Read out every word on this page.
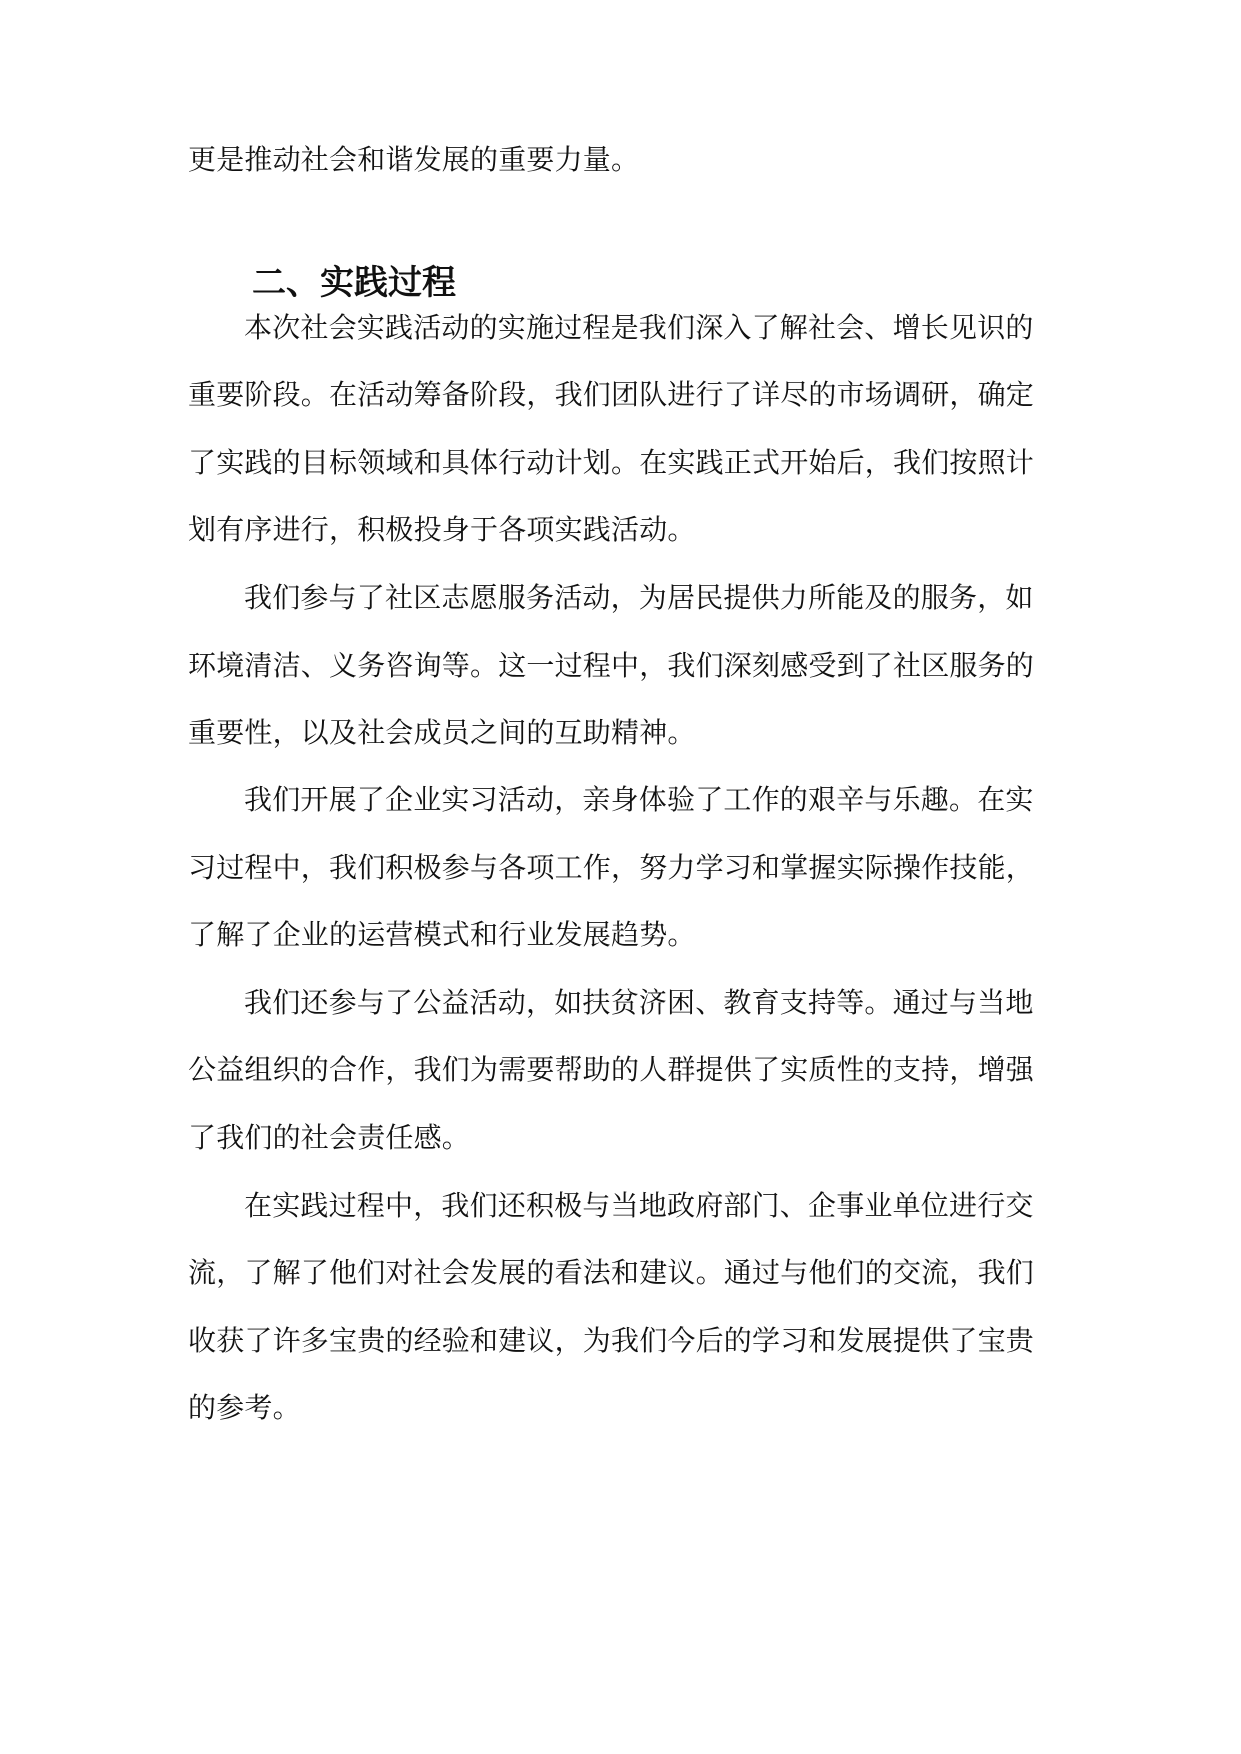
更是推动社会和谐发展的重要力量。
二、实践过程
本次社会实践活动的实施过程是我们深入了解社会、增长见识的
重要阶段。在活动筹备阶段，我们团队进行了详尽的市场调研，确定
了实践的目标领域和具体行动计划。在实践正式开始后，我们按照计
划有序进行，积极投身于各项实践活动。
我们参与了社区志愿服务活动，为居民提供力所能及的服务，如
环境清洁、义务咨询等。这一过程中，我们深刻感受到了社区服务的
重要性，以及社会成员之间的互助精神。
我们开展了企业实习活动，亲身体验了工作的艰辛与乐趣。在实
习过程中，我们积极参与各项工作，努力学习和掌握实际操作技能，
了解了企业的运营模式和行业发展趋势。
我们还参与了公益活动，如扶贫济困、教育支持等。通过与当地
公益组织的合作，我们为需要帮助的人群提供了实质性的支持，增强
了我们的社会责任感。
在实践过程中，我们还积极与当地政府部门、企事业单位进行交
流，了解了他们对社会发展的看法和建议。通过与他们的交流，我们
收获了许多宝贵的经验和建议，为我们今后的学习和发展提供了宝贵
的参考。
